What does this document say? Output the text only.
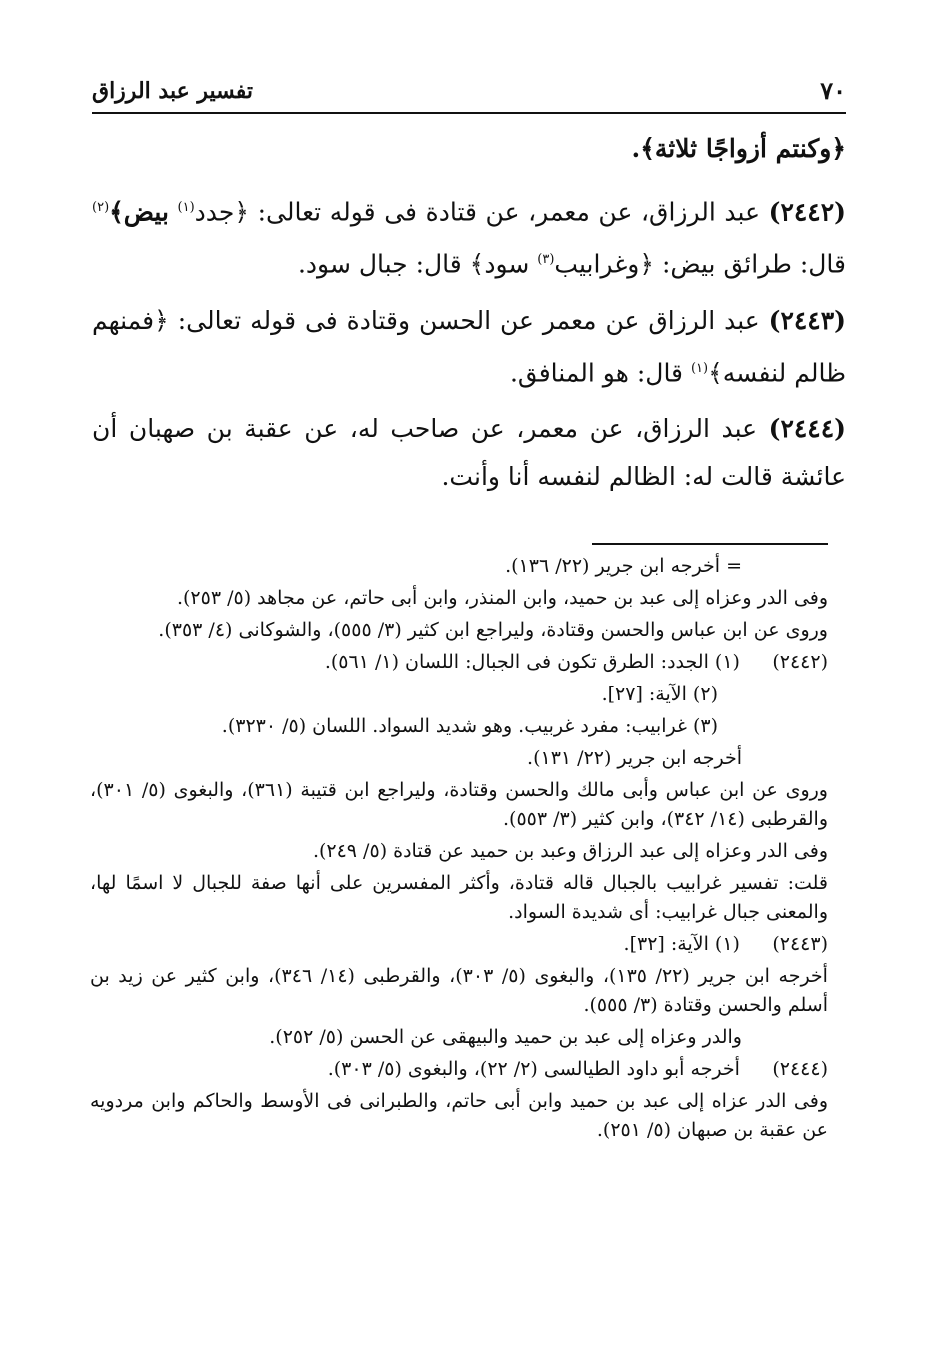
٧٠
تفسير عبد الرزاق

﴿وكنتم أزواجًا ثلاثة﴾.

(٢٤٤٢) عبد الرزاق، عن معمر، عن قتادة فى قوله تعالى: ﴿جدد$^{(١)}$ بيض﴾$^{(٢)}$ قال: طرائق بيض: ﴿وغرابيب$^{(٣)}$ سود﴾ قال: جبال سود.

(٢٤٤٣) عبد الرزاق عن معمر عن الحسن وقتادة فى قوله تعالى: ﴿فمنهم ظالم لنفسه﴾$^{(١)}$ قال: هو المنافق.

(٢٤٤٤) عبد الرزاق، عن معمر، عن صاحب له، عن عقبة بن صهبان أن عائشة قالت له: الظالم لنفسه أنا وأنت.

= أخرجه ابن جرير (٢٢/ ١٣٦).
وفى الدر وعزاه إلى عبد بن حميد، وابن المنذر، وابن أبى حاتم، عن مجاهد (٥/ ٢٥٣).
وروى عن ابن عباس والحسن وقتادة، وليراجع ابن كثير (٣/ ٥٥٥)، والشوكانى (٤/ ٣٥٣).
(٢٤٤٢) (١) الجدد: الطرق تكون فى الجبال: اللسان (١/ ٥٦١).
(٢) الآية: [٢٧].
(٣) غرابيب: مفرد غربيب. وهو شديد السواد. اللسان (٥/ ٣٢٣٠).
أخرجه ابن جرير (٢٢/ ١٣١).
وروى عن ابن عباس وأبى مالك والحسن وقتادة، وليراجع ابن قتيبة (٣٦١)، والبغوى (٥/ ٣٠١)، والقرطبى (١٤/ ٣٤٢)، وابن كثير (٣/ ٥٥٣).
وفى الدر وعزاه إلى عبد الرزاق وعبد بن حميد عن قتادة (٥/ ٢٤٩).
قلت: تفسير غرابيب بالجبال قاله قتادة، وأكثر المفسرين على أنها صفة للجبال لا اسمًا لها، والمعنى جبال غرابيب: أى شديدة السواد.
(٢٤٤٣) (١) الآية: [٣٢].
أخرجه ابن جرير (٢٢/ ١٣٥)، والبغوى (٥/ ٣٠٣)، والقرطبى (١٤/ ٣٤٦)، وابن كثير عن زيد بن أسلم والحسن وقتادة (٣/ ٥٥٥).
والدر وعزاه إلى عبد بن حميد والبيهقى عن الحسن (٥/ ٢٥٢).
(٢٤٤٤) أخرجه أبو داود الطيالسى (٢/ ٢٢)، والبغوى (٥/ ٣٠٣).
وفى الدر عزاه إلى عبد بن حميد وابن أبى حاتم، والطبرانى فى الأوسط والحاكم وابن مردويه عن عقبة بن صبهان (٥/ ٢٥١).
